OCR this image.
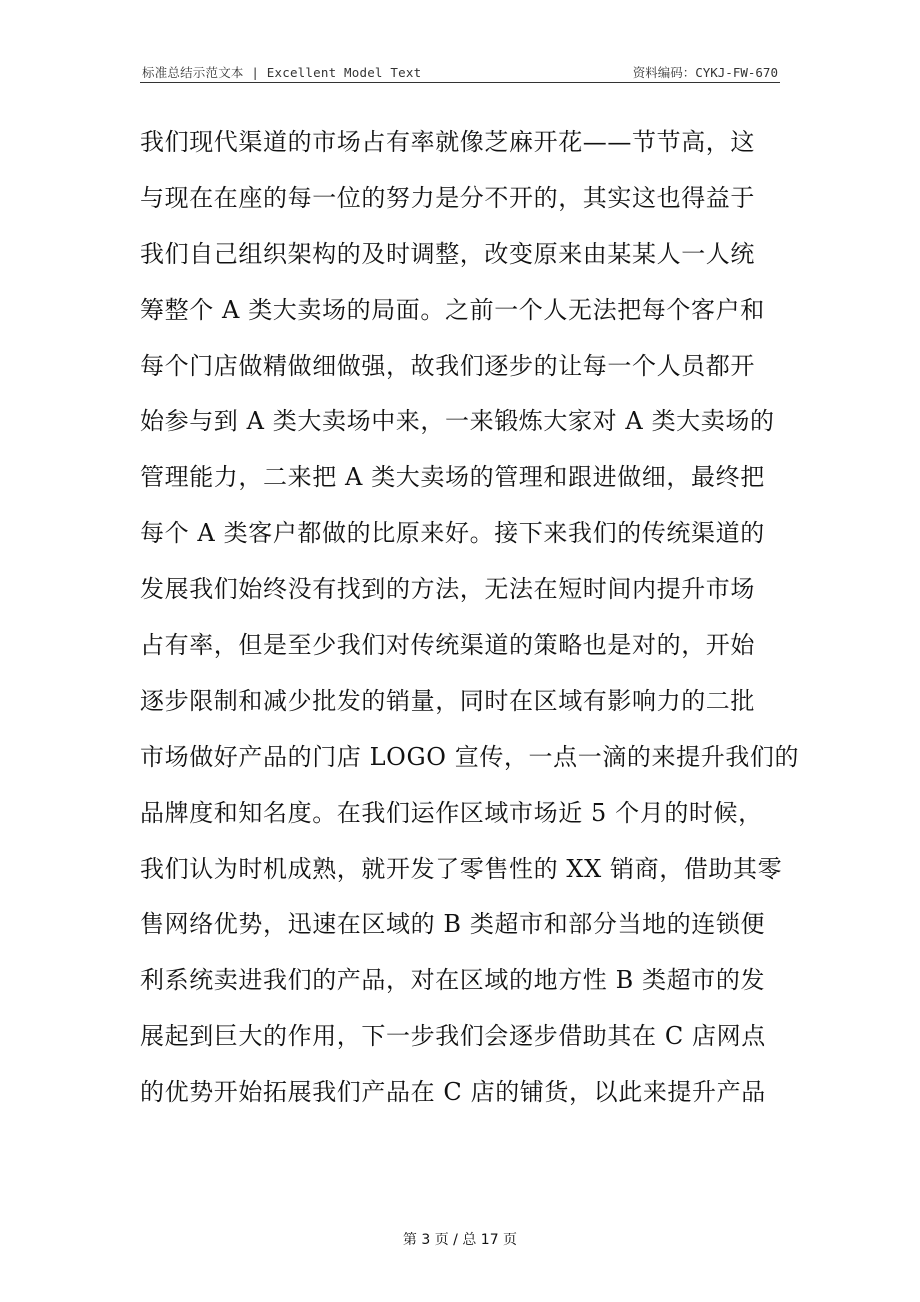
标准总结示范文本 | Excellent Model Text	资料编码：CYKJ-FW-670
我们现代渠道的市场占有率就像芝麻开花——节节高，这
与现在在座的每一位的努力是分不开的，其实这也得益于
我们自己组织架构的及时调整，改变原来由某某人一人统
筹整个 A 类大卖场的局面。之前一个人无法把每个客户和
每个门店做精做细做强，故我们逐步的让每一个人员都开
始参与到 A 类大卖场中来，一来锻炼大家对 A 类大卖场的
管理能力，二来把 A 类大卖场的管理和跟进做细，最终把
每个 A 类客户都做的比原来好。接下来我们的传统渠道的
发展我们始终没有找到的方法，无法在短时间内提升市场
占有率，但是至少我们对传统渠道的策略也是对的，开始
逐步限制和减少批发的销量，同时在区域有影响力的二批
市场做好产品的门店 LOGO 宣传，一点一滴的来提升我们的
品牌度和知名度。在我们运作区域市场近 5 个月的时候，
我们认为时机成熟，就开发了零售性的 XX 销商，借助其零
售网络优势，迅速在区域的 B 类超市和部分当地的连锁便
利系统卖进我们的产品，对在区域的地方性 B 类超市的发
展起到巨大的作用，下一步我们会逐步借助其在 C 店网点
的优势开始拓展我们产品在 C 店的铺货，以此来提升产品
第 3 页 / 总 17 页
